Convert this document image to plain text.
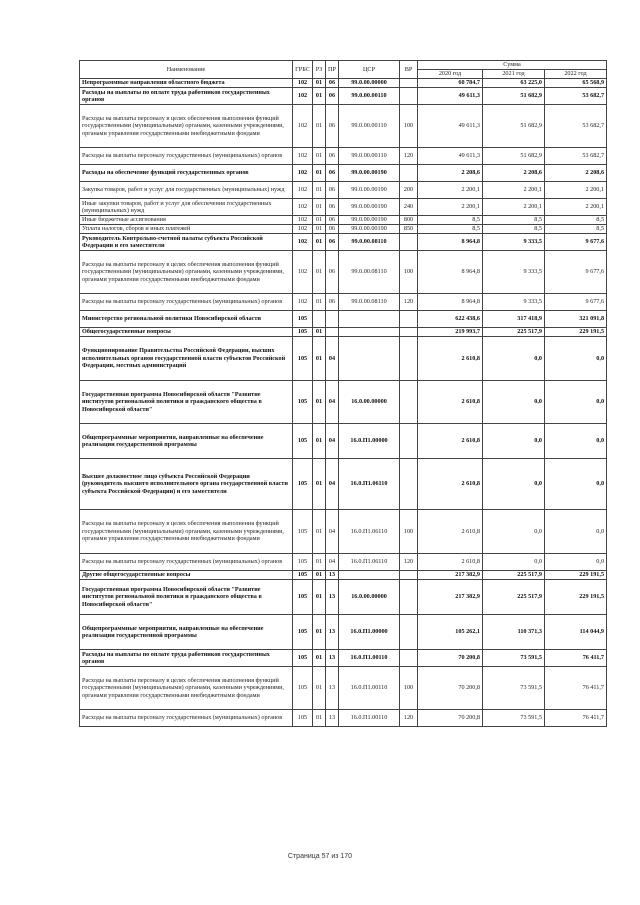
Наименование	ГРБС	РЗ	ПР	ЦСР	ВР	Сумма		
						2020 год	2021 год	2022 год
Непрограммные направления областного бюджета	102	01	06	99.0.00.00000		60 784,7	63 225,0	65 568,9
Расходы на выплаты по оплате труда работников государственных органов	102	01	06	99.0.00.00110		49 611,3	51 682,9	53 682,7
Расходы на выплаты персоналу в целях обеспечения выполнения функций государственными (муниципальными) органами, казенными учреждениями, органами управления государственными внебюджетными фондами	102	01	06	99.0.00.00110	100	49 611,3	51 682,9	53 682,7
Расходы на выплаты персоналу государственных (муниципальных) органов	102	01	06	99.0.00.00110	120	49 611,3	51 682,9	53 682,7
Расходы на обеспечение функций государственных органов	102	01	06	99.0.00.00190		2 208,6	2 208,6	2 208,6
Закупка товаров, работ и услуг для государственных (муниципальных) нужд	102	01	06	99.0.00.00190	200	2 200,1	2 200,1	2 200,1
Иные закупки товаров, работ и услуг для обеспечения государственных (муниципальных) нужд	102	01	06	99.0.00.00190	240	2 200,1	2 200,1	2 200,1
Иные бюджетные ассигнования	102	01	06	99.0.00.00190	800	8,5	8,5	8,5
Уплата налогов, сборов и иных платежей	102	01	06	99.0.00.00190	850	8,5	8,5	8,5
Руководитель Контрольно-счетной палаты субъекта Российской Федерации и его заместители	102	01	06	99.0.00.08110		8 964,8	9 333,5	9 677,6
Расходы на выплаты персоналу в целях обеспечения выполнения функций государственными (муниципальными) органами, казенными учреждениями, органами управления государственными внебюджетными фондами	102	01	06	99.0.00.08110	100	8 964,8	9 333,5	9 677,6
Расходы на выплаты персоналу государственных (муниципальных) органов	102	01	06	99.0.00.08110	120	8 964,8	9 333,5	9 677,6
Министерство региональной политики Новосибирской области	105					622 438,6	317 418,9	321 091,8
Общегосударственные вопросы	105	01				219 993,7	225 517,9	229 191,5
Функционирование Правительства Российской Федерации, высших исполнительных органов государственной власти субъектов Российской Федерации, местных администраций	105	01	04			2 610,8	0,0	0,0
Государственная программа Новосибирской области "Развитие институтов региональной политики и гражданского общества в Новосибирской области"	105	01	04	16.0.00.00000		2 610,8	0,0	0,0
Общепрограммные мероприятия, направленные на обеспечение реализации государственной программы	105	01	04	16.0.П1.00000		2 610,8	0,0	0,0
Высшее должностное лицо субъекта Российской Федерации (руководитель высшего исполнительного органа государственной власти субъекта Российской Федерации) и его заместители	105	01	04	16.0.П1.06110		2 610,8	0,0	0,0
Расходы на выплаты персоналу в целях обеспечения выполнения функций государственными (муниципальными) органами, казенными учреждениями, органами управления государственными внебюджетными фондами	105	01	04	16.0.П1.06110	100	2 610,8	0,0	0,0
Расходы на выплаты персоналу государственных (муниципальных) органов	105	01	04	16.0.П1.06110	120	2 610,8	0,0	0,0
Другие общегосударственные вопросы	105	01	13			217 382,9	225 517,9	229 191,5
Государственная программа Новосибирской области "Развитие институтов региональной политики и гражданского общества в Новосибирской области"	105	01	13	16.0.00.00000		217 382,9	225 517,9	229 191,5
Общепрограммные мероприятия, направленные на обеспечение реализации государственной программы	105	01	13	16.0.П1.00000		105 262,1	110 371,3	114 044,9
Расходы на выплаты по оплате труда работников государственных органов	105	01	13	16.0.П1.00110		70 200,8	73 591,5	76 411,7
Расходы на выплаты персоналу в целях обеспечения выполнения функций государственными (муниципальными) органами, казенными учреждениями, органами управления государственными внебюджетными фондами	105	01	13	16.0.П1.00110	100	70 200,8	73 591,5	76 411,7
Расходы на выплаты персоналу государственных (муниципальных) органов	105	01	13	16.0.П1.00110	120	70 200,8	73 591,5	76 411,7
Страница 57 из 170
